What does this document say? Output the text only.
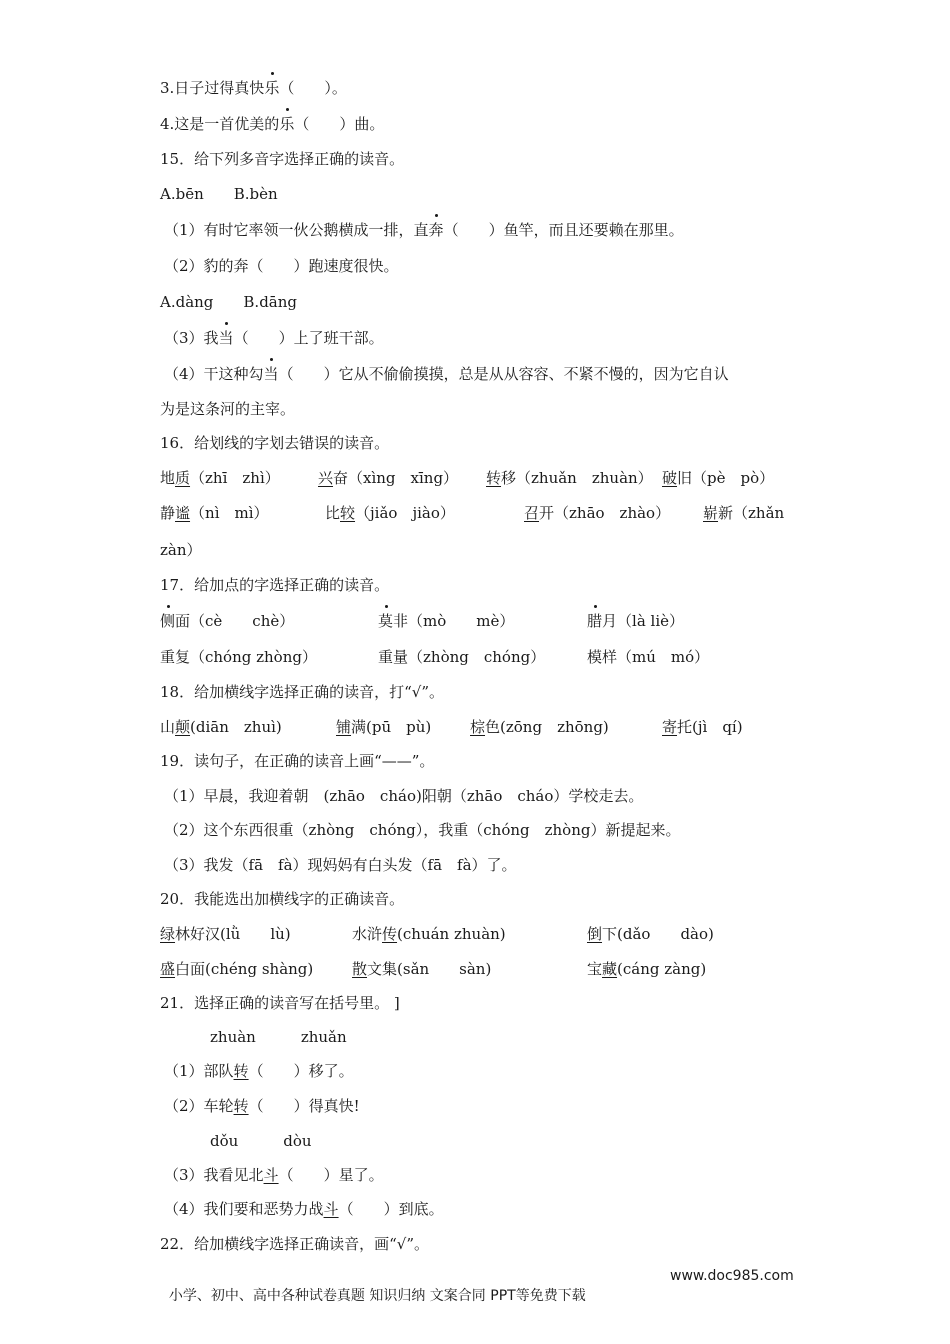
3.日子过得真快乐（　　）。
4.这是一首优美的乐（　　）曲。
15．给下列多音字选择正确的读音。
A.bēn　　B.bèn
（1）有时它率领一伙公鹅横成一排，直奔（　　）鱼竿，而且还要赖在那里。
（2）豹的奔（　　）跑速度很快。
A.dàng　　B.dāng
（3）我当（　　）上了班干部。
（4）干这种勾当（　　）它从不偷偷摸摸，总是从从容容、不紧不慢的，因为它自认
为是这条河的主宰。
16．给划线的字划去错误的读音。
地质（zhī　zhì）	兴奋（xìng　xīng） 转移（zhuǎn　zhuàn） 破旧（pè　pò）
静谧（nì　mì）	比较（jiǎo　jiào）	召开（zhāo　zhào） 崭新（zhǎn
zàn）
17．给加点的字选择正确的读音。
侧面（cè　　chè）	莫非（mò　　mè）	腊月（là liè）
重复（chóng zhòng）	重量（zhòng　chóng）	模样（mú　mó）
18．给加横线字选择正确的读音，打“√”。
山颠(diān　zhuì)	铺满(pū　pù)	棕色(zōng　zhōng)	寄托(jì　qí)
19．读句子，在正确的读音上画“——”。
（1）早晨，我迎着朝　(zhāo　cháo)阳朝（zhāo　cháo）学校走去。
（2）这个东西很重（zhòng　chóng），我重（chóng　zhòng）新提起来。
（3）我发（fā　fà）现妈妈有白头发（fā　fà）了。
20．我能选出加横线字的正确读音。
绿林好汉(lǜ　　lù)	水浒传(chuán zhuàn)	倒下(dǎo　　dào)
盛白面(chéng shàng)	散文集(sǎn　　sàn)	宝藏(cáng zàng)
21．选择正确的读音写在括号里。 ]
zhuàn　　　zhuǎn
（1）部队转（　　）移了。
（2）车轮转（　　）得真快!
dǒu　　　dòu
（3）我看见北斗（　　）星了。
（4）我们要和恶势力战斗（　　）到底。
22．给加横线字选择正确读音，画“√”。

小学、初中、高中各种试卷真题 知识归纳 文案合同 PPT等免费下载

www.doc985.com
